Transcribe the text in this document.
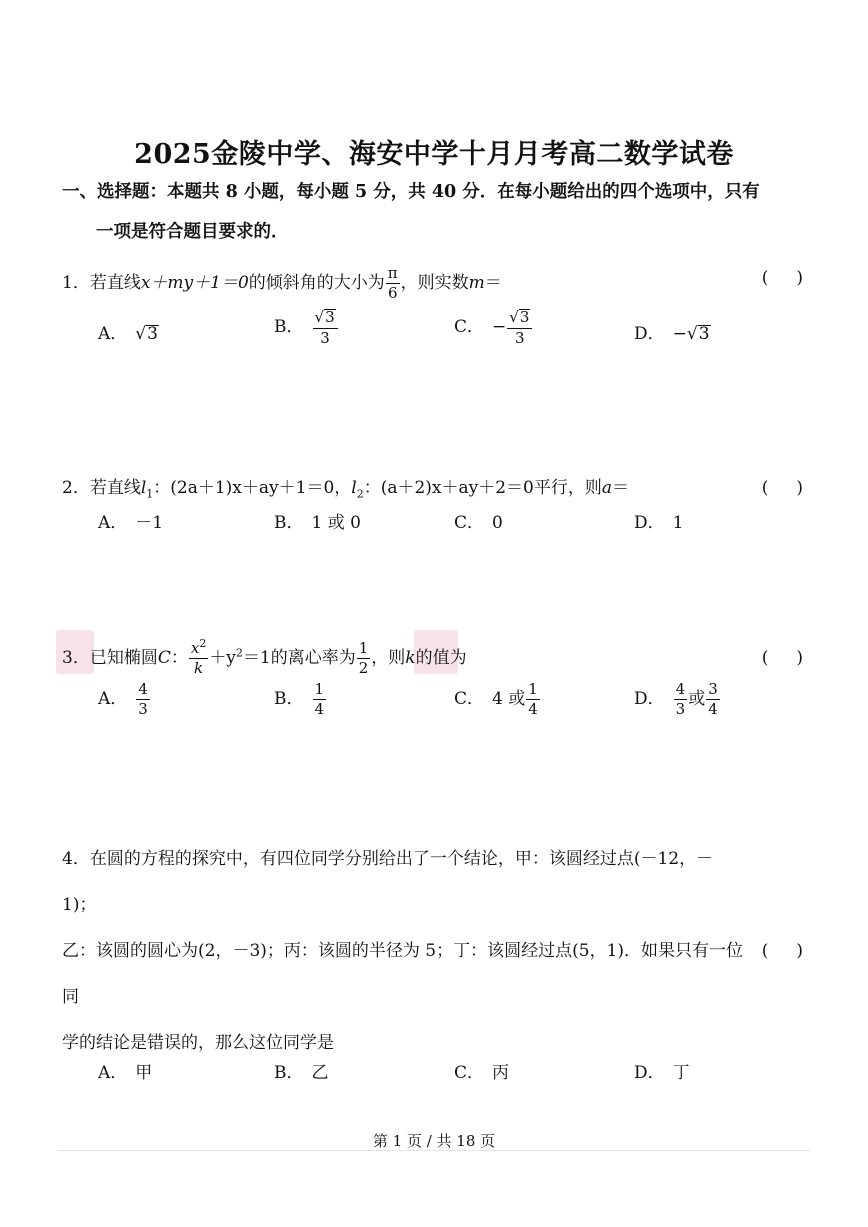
2025金陵中学、海安中学十月月考高二数学试卷
一、选择题：本题共 8 小题，每小题 5 分，共 40 分．在每小题给出的四个选项中，只有
一项是符合题目要求的．
1．若直线x＋my＋1＝0的倾斜角的大小为 $\frac{\pi}{6}$ ，则实数m＝	( )
A． √3	B． $\frac{√3}{3}$	C． − $\frac{√3}{3}$	D． −√3
2．若直线$l_1$：(2a＋1)x＋ay＋1＝0，$l_2$：(a＋2)x＋ay＋2＝0平行，则a＝	( )
A． －1	B． 1 或 0	C． 0	D． 1
3．已知椭圆C： $\frac{x^2}{k} +y^2=1$的离心率为 $\frac{1}{2}$ ，则k的值为	( )
A． $\frac{4}{3}$	B． $\frac{1}{4}$	C． 4 或 $\frac{1}{4}$	D． $\frac{4}{3}$ 或 $\frac{3}{4}$
4．在圆的方程的探究中，有四位同学分别给出了一个结论，甲：该圆经过点(－12，－1)；
乙：该圆的圆心为(2，－3)；丙：该圆的半径为 5；丁：该圆经过点(5，1)．如果只有一位同
学的结论是错误的，那么这位同学是
( )
A． 甲	B． 乙	C． 丙	D． 丁
第 1 页 / 共 18 页
